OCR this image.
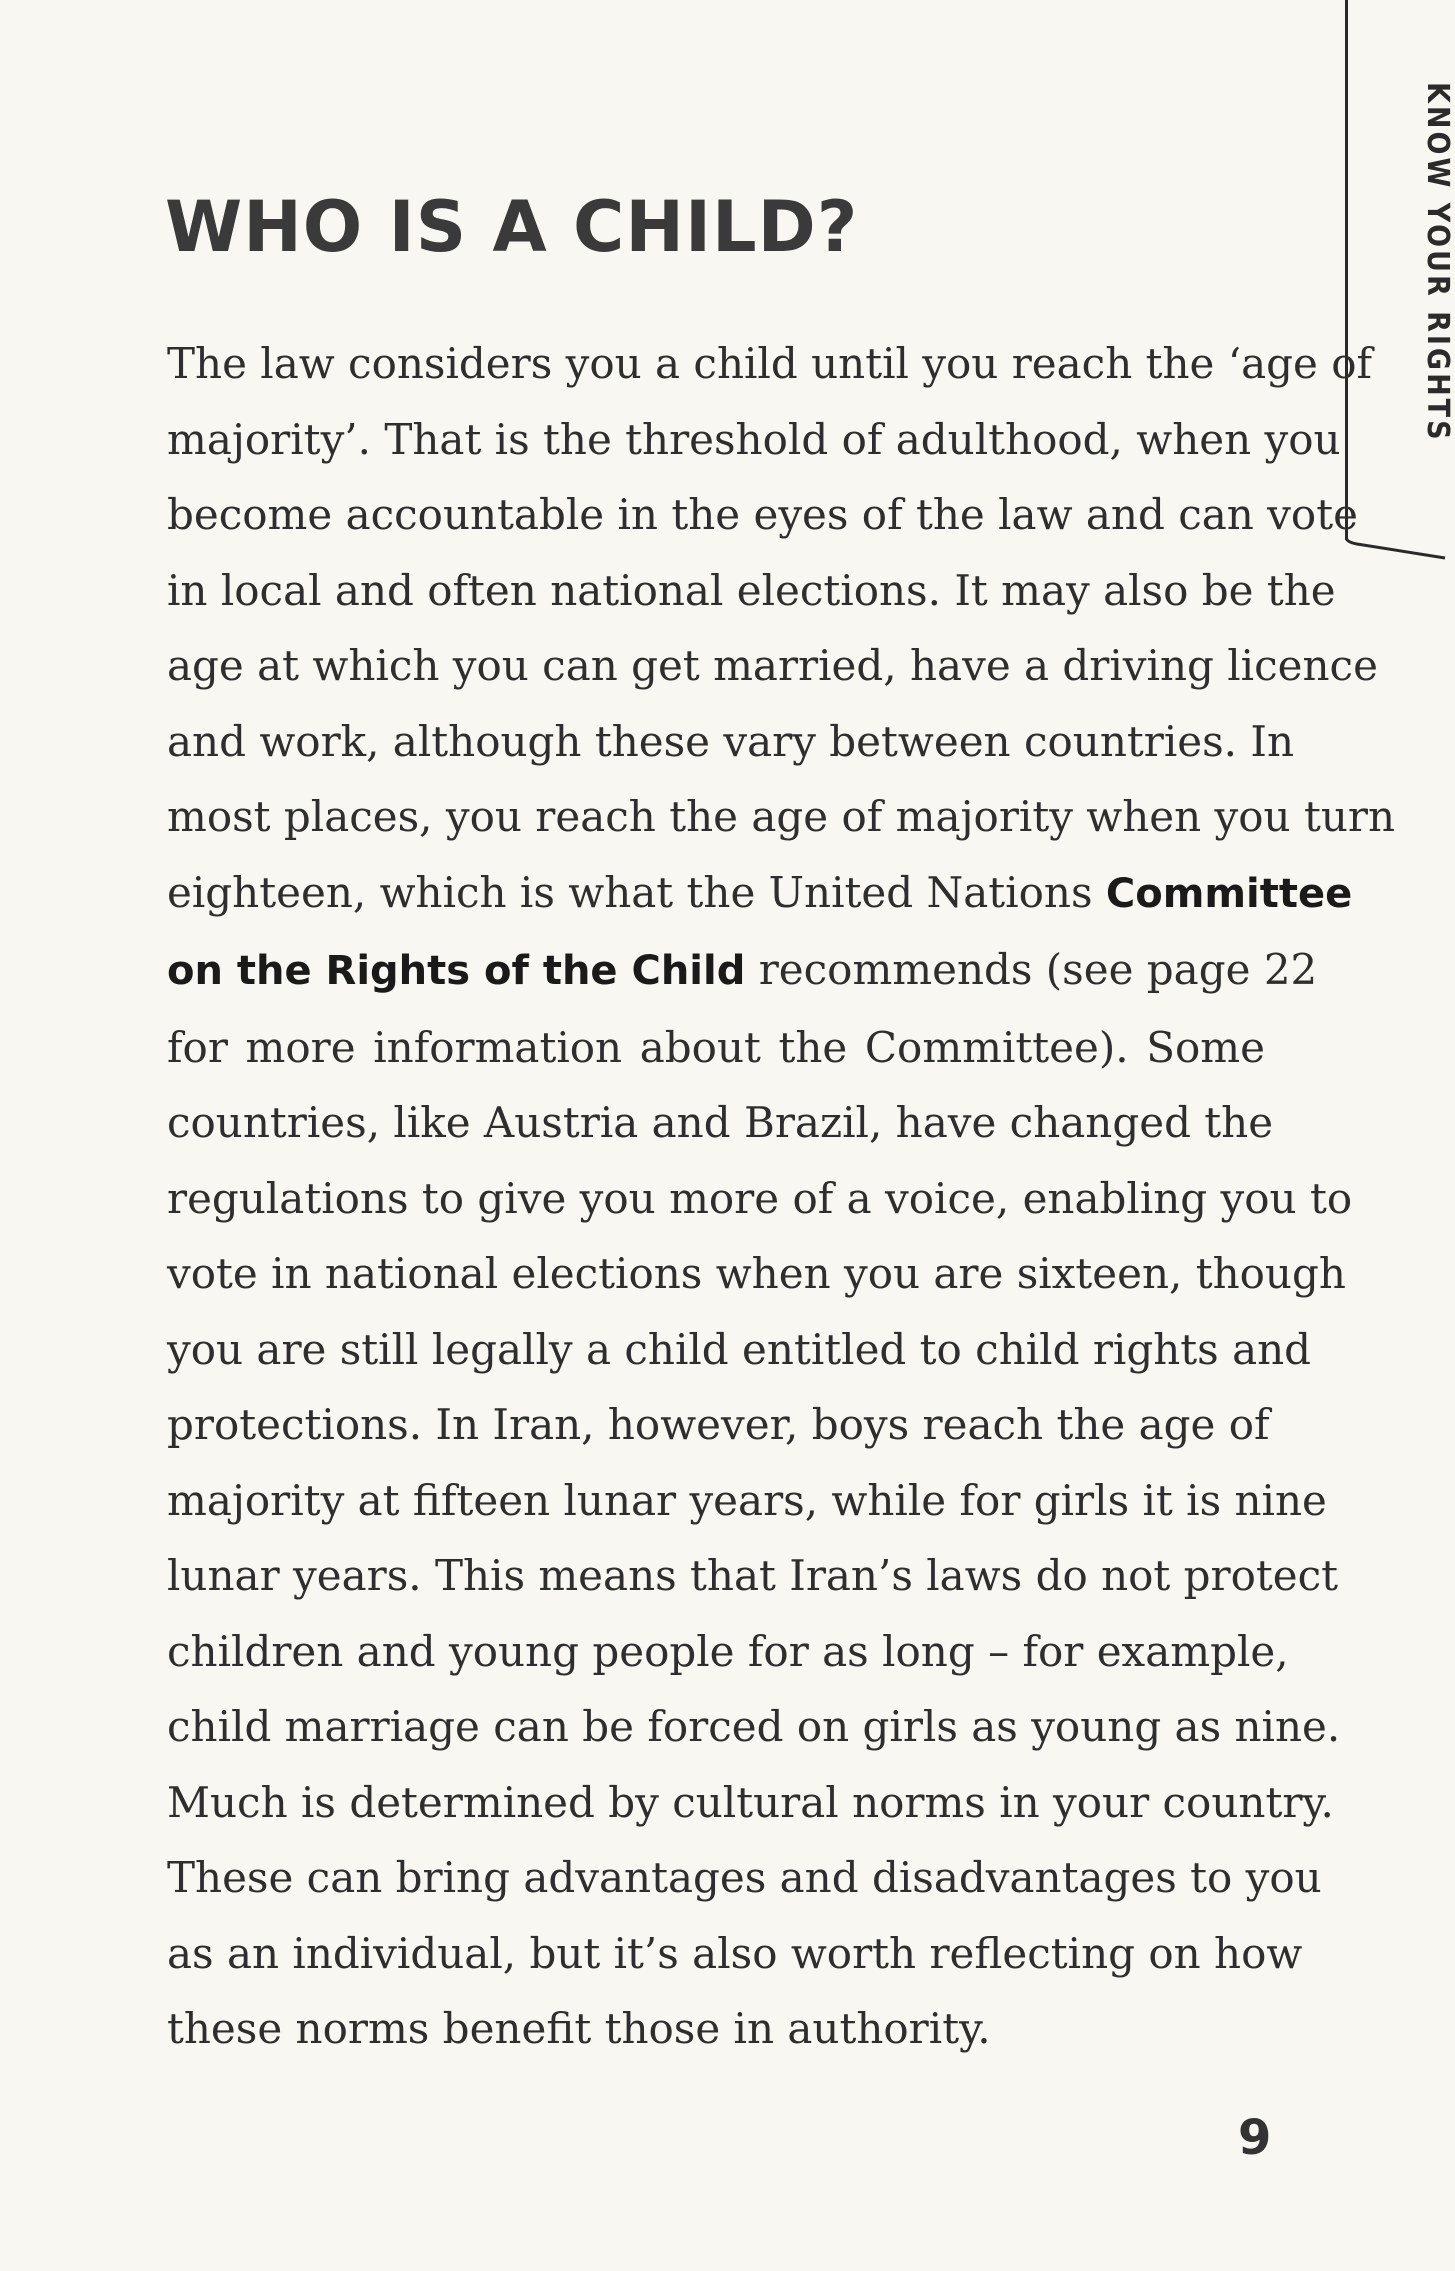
KNOW YOUR RIGHTS
WHO IS A CHILD?
The law considers you a child until you reach the ‘age of
majority’. That is the threshold of adulthood, when you
become accountable in the eyes of the law and can vote
in local and often national elections. It may also be the
age at which you can get married, have a driving licence
and work, although these vary between countries. In
most places, you reach the age of majority when you turn
eighteen, which is what the United Nations Committee
on the Rights of the Child recommends (see page 22
for more information about the Committee). Some
countries, like Austria and Brazil, have changed the
regulations to give you more of a voice, enabling you to
vote in national elections when you are sixteen, though
you are still legally a child entitled to child rights and
protections. In Iran, however, boys reach the age of
majority at fifteen lunar years, while for girls it is nine
lunar years. This means that Iran’s laws do not protect
children and young people for as long – for example,
child marriage can be forced on girls as young as nine.
Much is determined by cultural norms in your country.
These can bring advantages and disadvantages to you
as an individual, but it’s also worth reflecting on how
these norms benefit those in authority.
9
